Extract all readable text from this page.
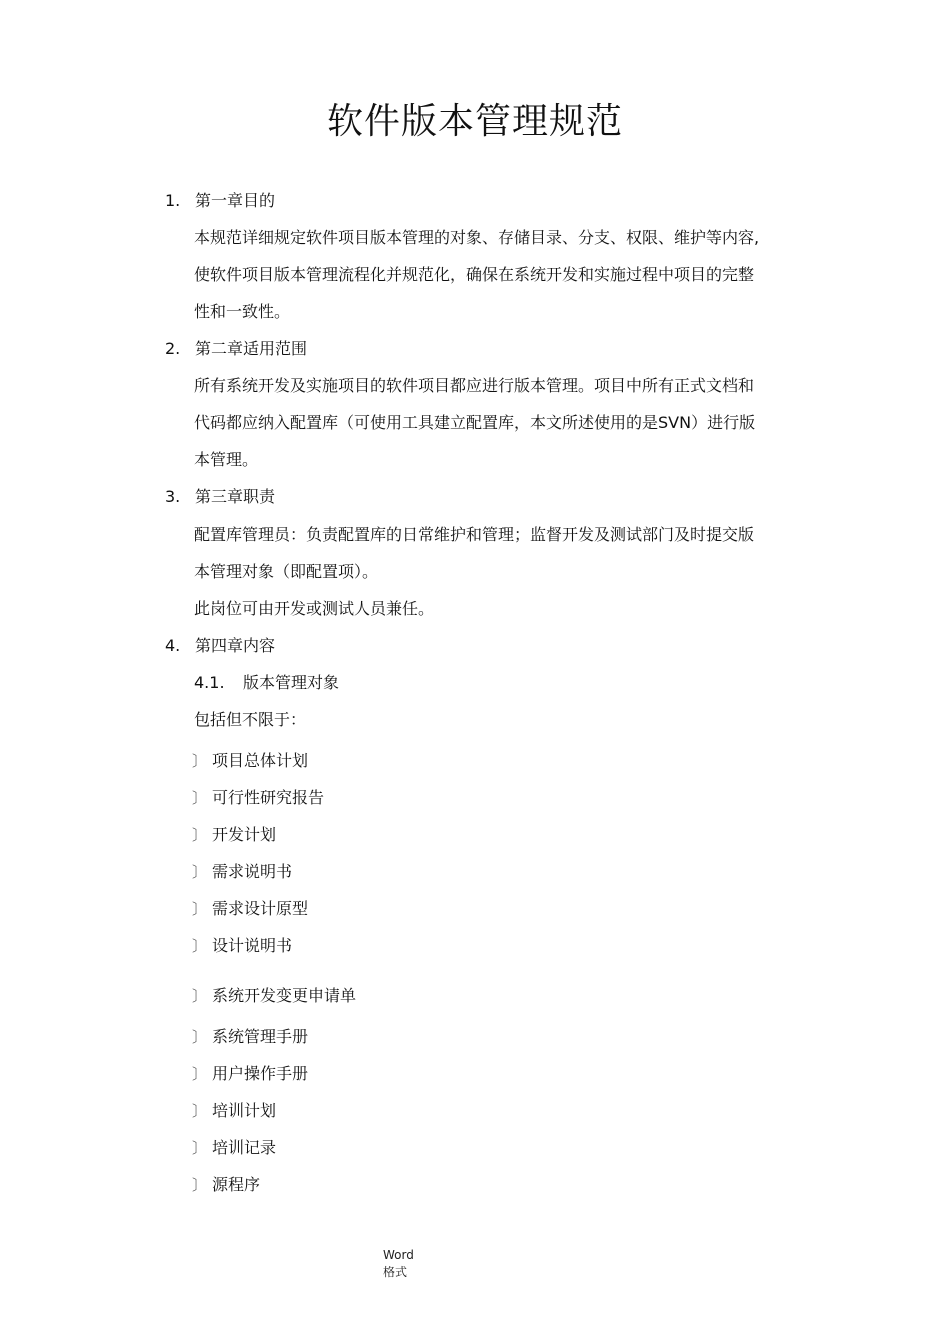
软件版本管理规范
1. 第一章目的
本规范详细规定软件项目版本管理的对象、存储目录、分支、权限、维护等内容,
使软件项目版本管理流程化并规范化，确保在系统开发和实施过程中项目的完整
性和一致性。
2. 第二章适用范围
所有系统开发及实施项目的软件项目都应进行版本管理。项目中所有正式文档和
代码都应纳入配置库（可使用工具建立配置库，本文所述使用的是SVN）进行版
本管理。
3. 第三章职责
配置库管理员：负责配置库的日常维护和管理；监督开发及测试部门及时提交版
本管理对象（即配置项）。
此岗位可由开发或测试人员兼任。
4. 第四章内容
4.1. 版本管理对象
包括但不限于：
〕 项目总体计划
〕 可行性研究报告
〕 开发计划
〕 需求说明书
〕 需求设计原型
〕 设计说明书
〕 系统开发变更申请单
〕 系统管理手册
〕 用户操作手册
〕 培训计划
〕 培训记录
〕 源程序
Word
格式
